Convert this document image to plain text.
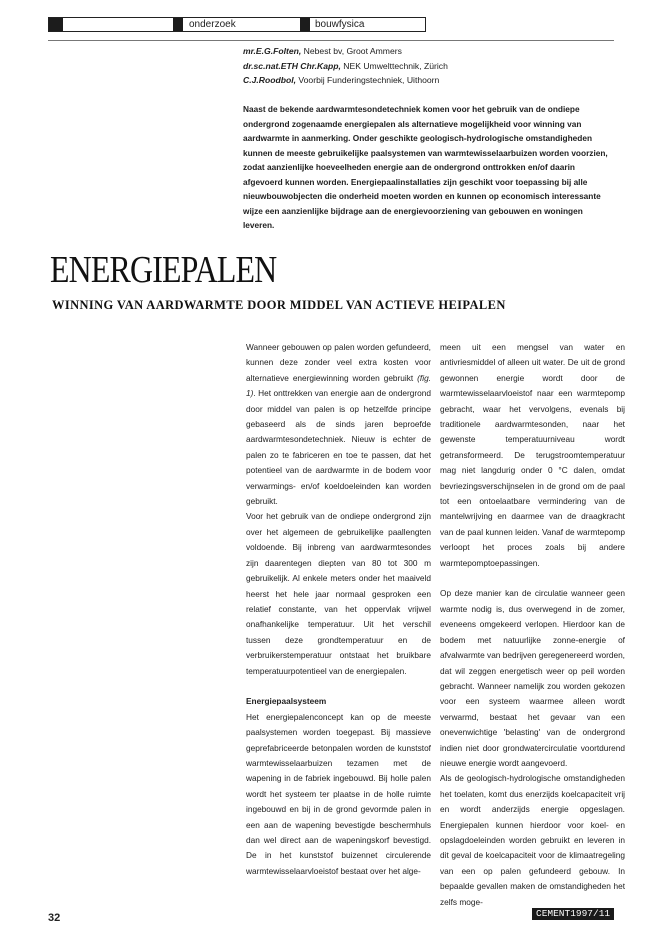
onderzoek	bouwfysica
mr.E.G.Folten, Nebest bv, Groot Ammers
dr.sc.nat.ETH Chr.Kapp, NEK Umwelttechnik, Zürich
C.J.Roodbol, Voorbij Funderingstechniek, Uithoorn

Naast de bekende aardwarmtesondetechniek komen voor het gebruik van de ondiepe ondergrond zogenaamde energiepalen als alternatieve mogelijkheid voor winning van aardwarmte in aanmerking. Onder geschikte geologisch-hydrologische omstandigheden kunnen de meeste gebruikelijke paalsystemen van warmtewisselaarbuizen worden voorzien, zodat aanzienlijke hoeveelheden energie aan de ondergrond onttrokken en/of daarin afgevoerd kunnen worden. Energiepaalinstallaties zijn geschikt voor toepassing bij alle nieuwbouwobjecten die onderheid moeten worden en kunnen op economisch interessante wijze een aanzienlijke bijdrage aan de energievoorziening van gebouwen en woningen leveren.

ENERGIEPALEN
WINNING VAN AARDWARMTE DOOR MIDDEL VAN ACTIEVE HEIPALEN

Wanneer gebouwen op palen worden gefundeerd, kunnen deze zonder veel extra kosten voor alternatieve energiewinning worden gebruikt (fig. 1). Het onttrekken van energie aan de ondergrond door middel van palen is op hetzelfde principe gebaseerd als de sinds jaren beproefde aardwarmtesondetechniek. Nieuw is echter de palen zo te fabriceren en toe te passen, dat het potentieel van de aardwarmte in de bodem voor verwarmings- en/of koeldoeleinden kan worden gebruikt.

Voor het gebruik van de ondiepe ondergrond zijn over het algemeen de gebruikelijke paallengten voldoende. Bij inbreng van aardwarmtesondes zijn daarentegen diepten van 80 tot 300 m gebruikelijk. Al enkele meters onder het maaiveld heerst het hele jaar normaal gesproken een relatief constante, van het oppervlak vrijwel onafhankelijke temperatuur. Uit het verschil tussen deze grondtemperatuur en de verbruikerstemperatuur ontstaat het bruikbare temperatuurpotentieel van de energiepalen.

Energiepaalsysteem

Het energiepalenconcept kan op de meeste paalsystemen worden toegepast. Bij massieve geprefabriceerde betonpalen worden de kunststof warmtewisselaarbuizen tezamen met de wapening in de fabriek ingebouwd. Bij holle palen wordt het systeem ter plaatse in de holle ruimte ingebouwd en bij in de grond gevormde palen in een aan de wapening bevestigde beschermhuls dan wel direct aan de wapeningskorf bevestigd. De in het kunststof buizennet circulerende warmtewisselaarvloeistof bestaat over het alge-

meen uit een mengsel van water en antivriesmiddel of alleen uit water. De uit de grond gewonnen energie wordt door de warmtewisselaarvloeistof naar een warmtepomp gebracht, waar het vervolgens, evenals bij traditionele aardwarmtesonden, naar het gewenste temperatuurniveau wordt getransformeerd. De terugstroomtemperatuur mag niet langdurig onder 0 °C dalen, omdat bevriezingsverschijnselen in de grond om de paal tot een ontoelaatbare vermindering van de mantelwrijving en daarmee van de draagkracht van de paal kunnen leiden. Vanaf de warmtepomp verloopt het proces zoals bij andere warmtepomptoepassingen.

Op deze manier kan de circulatie wanneer geen warmte nodig is, dus overwegend in de zomer, eveneens omgekeerd verlopen. Hierdoor kan de bodem met natuurlijke zonne-energie of afvalwarmte van bedrijven geregenereerd worden, dat wil zeggen energetisch weer op peil worden gebracht. Wanneer namelijk zou worden gekozen voor een systeem waarmee alleen wordt verwarmd, bestaat het gevaar van een onevenwichtige 'belasting' van de ondergrond indien niet door grondwatercirculatie voortdurend nieuwe energie wordt aangevoerd.

Als de geologisch-hydrologische omstandigheden het toelaten, komt dus enerzijds koelcapaciteit vrij en wordt anderzijds energie opgeslagen. Energiepalen kunnen hierdoor voor koel- en opslagdoeleinden worden gebruikt en leveren in dit geval de koelcapaciteit voor de klimaatregeling van een op palen gefundeerd gebouw. In bepaalde gevallen maken de omstandigheden het zelfs moge-

32	CEMENT1997/11
